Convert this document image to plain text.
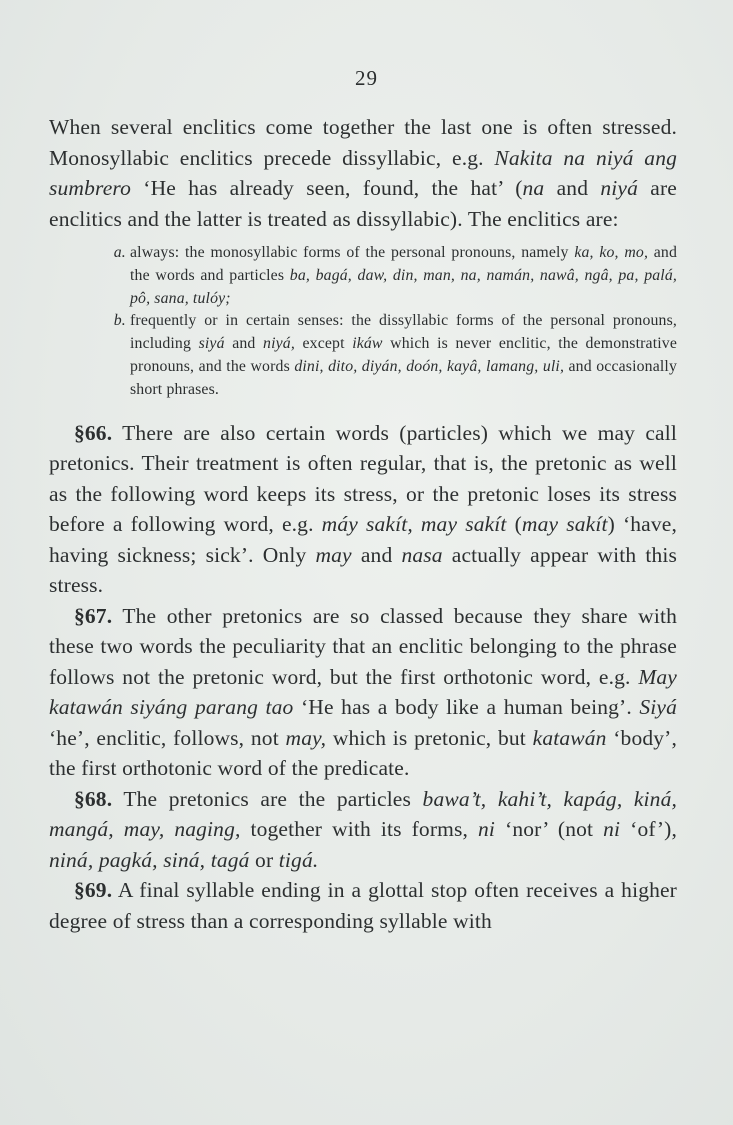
29

When several enclitics come together the last one is often stressed. Monosyllabic enclitics precede dissyllabic, e.g. Nakita na niyá ang sumbrero ‘He has already seen, found, the hat’ (na and niyá are enclitics and the latter is treated as dissyllabic). The enclitics are:

a. always: the monosyllabic forms of the personal pronouns, namely ka, ko, mo, and the words and particles ba, bagá, daw, din, man, na, namán, nawâ, ngâ, pa, palá, pô, sana, tulóy;
b. frequently or in certain senses: the dissyllabic forms of the personal pronouns, including siyá and niyá, except ikáw which is never enclitic, the demonstrative pronouns, and the words dini, dito, diyán, doón, kayâ, lamang, uli, and occasionally short phrases.

§66. There are also certain words (particles) which we may call pretonics. Their treatment is often regular, that is, the pretonic as well as the following word keeps its stress, or the pretonic loses its stress before a following word, e.g. máy sakít, may sakít (may sakít) ‘have, having sickness; sick’. Only may and nasa actually appear with this stress.

§67. The other pretonics are so classed because they share with these two words the peculiarity that an enclitic belonging to the phrase follows not the pretonic word, but the first orthotonic word, e.g. May katawán siyáng parang tao ‘He has a body like a human being’. Siyá ‘he’, enclitic, follows, not may, which is pretonic, but katawán ‘body’, the first orthotonic word of the predicate.

§68. The pretonics are the particles bawa’t, kahi’t, kapág, kiná, mangá, may, naging, together with its forms, ni ‘nor’ (not ni ‘of’), niná, pagká, siná, tagá or tigá.

§69. A final syllable ending in a glottal stop often receives a higher degree of stress than a corresponding syllable with
